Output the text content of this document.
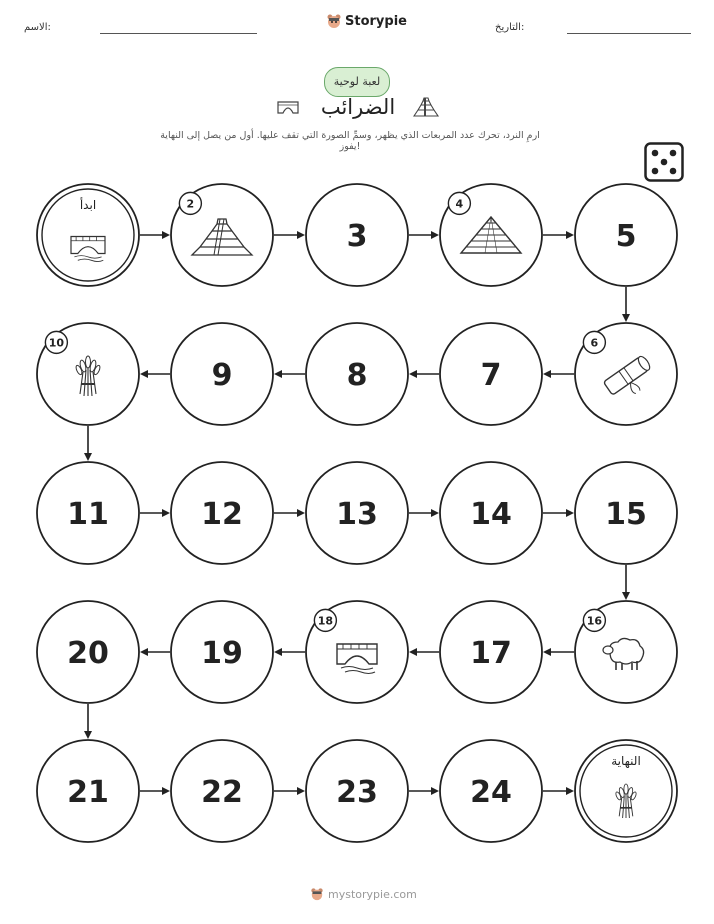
الاسم:	Storypie	التاريخ:
لعبة لوحية
الضرائب
ارمِ النرد، تحرك عدد المربعات الذي يظهر، وسمِّ الصورة التي تقف عليها. أول من يصل إلى النهاية يفوز!
ابدأ	2
3
4
5
6
7
8
9
10
11	12	13	14	15
16
17
18
19
20
21	22	23	24
النهاية
mystorypie.com
